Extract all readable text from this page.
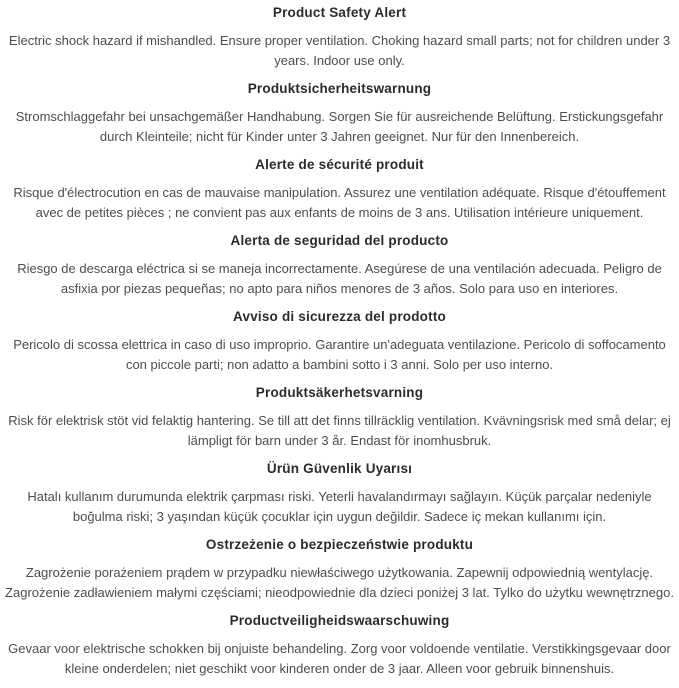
Product Safety Alert
Electric shock hazard if mishandled. Ensure proper ventilation. Choking hazard small parts; not for children under 3 years. Indoor use only.
Produktsicherheitswarnung
Stromschlaggefahr bei unsachgemäßer Handhabung. Sorgen Sie für ausreichende Belüftung. Erstickungsgefahr durch Kleinteile; nicht für Kinder unter 3 Jahren geeignet. Nur für den Innenbereich.
Alerte de sécurité produit
Risque d'électrocution en cas de mauvaise manipulation. Assurez une ventilation adéquate. Risque d'étouffement avec de petites pièces ; ne convient pas aux enfants de moins de 3 ans. Utilisation intérieure uniquement.
Alerta de seguridad del producto
Riesgo de descarga eléctrica si se maneja incorrectamente. Asegúrese de una ventilación adecuada. Peligro de asfixia por piezas pequeñas; no apto para niños menores de 3 años. Solo para uso en interiores.
Avviso di sicurezza del prodotto
Pericolo di scossa elettrica in caso di uso improprio. Garantire un'adeguata ventilazione. Pericolo di soffocamento con piccole parti; non adatto a bambini sotto i 3 anni. Solo per uso interno.
Produktsäkerhetsvarning
Risk för elektrisk stöt vid felaktig hantering. Se till att det finns tillräcklig ventilation. Kvävningsrisk med små delar; ej lämpligt för barn under 3 år. Endast för inomhusbruk.
Ürün Güvenlik Uyarısı
Hatalı kullanım durumunda elektrik çarpması riski. Yeterli havalandırmayı sağlayın. Küçük parçalar nedeniyle boğulma riski; 3 yaşından küçük çocuklar için uygun değildir. Sadece iç mekan kullanımı için.
Ostrzeżenie o bezpieczeństwie produktu
Zagrożenie porażeniem prądem w przypadku niewłaściwego użytkowania. Zapewnij odpowiednią wentylację. Zagrożenie zadławieniem małymi częściami; nieodpowiednie dla dzieci poniżej 3 lat. Tylko do użytku wewnętrznego.
Productveiligheidswaarschuwing
Gevaar voor elektrische schokken bij onjuiste behandeling. Zorg voor voldoende ventilatie. Verstikkingsgevaar door kleine onderdelen; niet geschikt voor kinderen onder de 3 jaar. Alleen voor gebruik binnenshuis.
